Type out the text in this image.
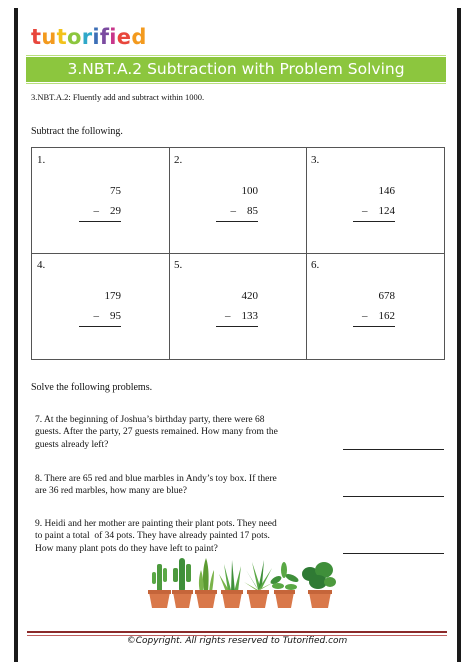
tutorified
3.NBT.A.2 Subtraction with Problem Solving
3.NBT.A.2: Fluently add and subtract within 1000.
Subtract the following.
1.
75
– 29
2.
100
– 85
3.
146
– 124
4.
179
– 95
5.
420
– 133
6.
678
– 162
Solve the following problems.
7. At the beginning of Joshua’s birthday party, there were 68
guests. After the party, 27 guests remained. How many from the
guests already left?
8. There are 65 red and blue marbles in Andy’s toy box. If there
are 36 red marbles, how many are blue?
9. Heidi and her mother are painting their plant pots. They need
to paint a total  of 34 pots. They have already painted 17 pots.
How many plant pots do they have left to paint?
©Copyright. All rights reserved to Tutorified.com
